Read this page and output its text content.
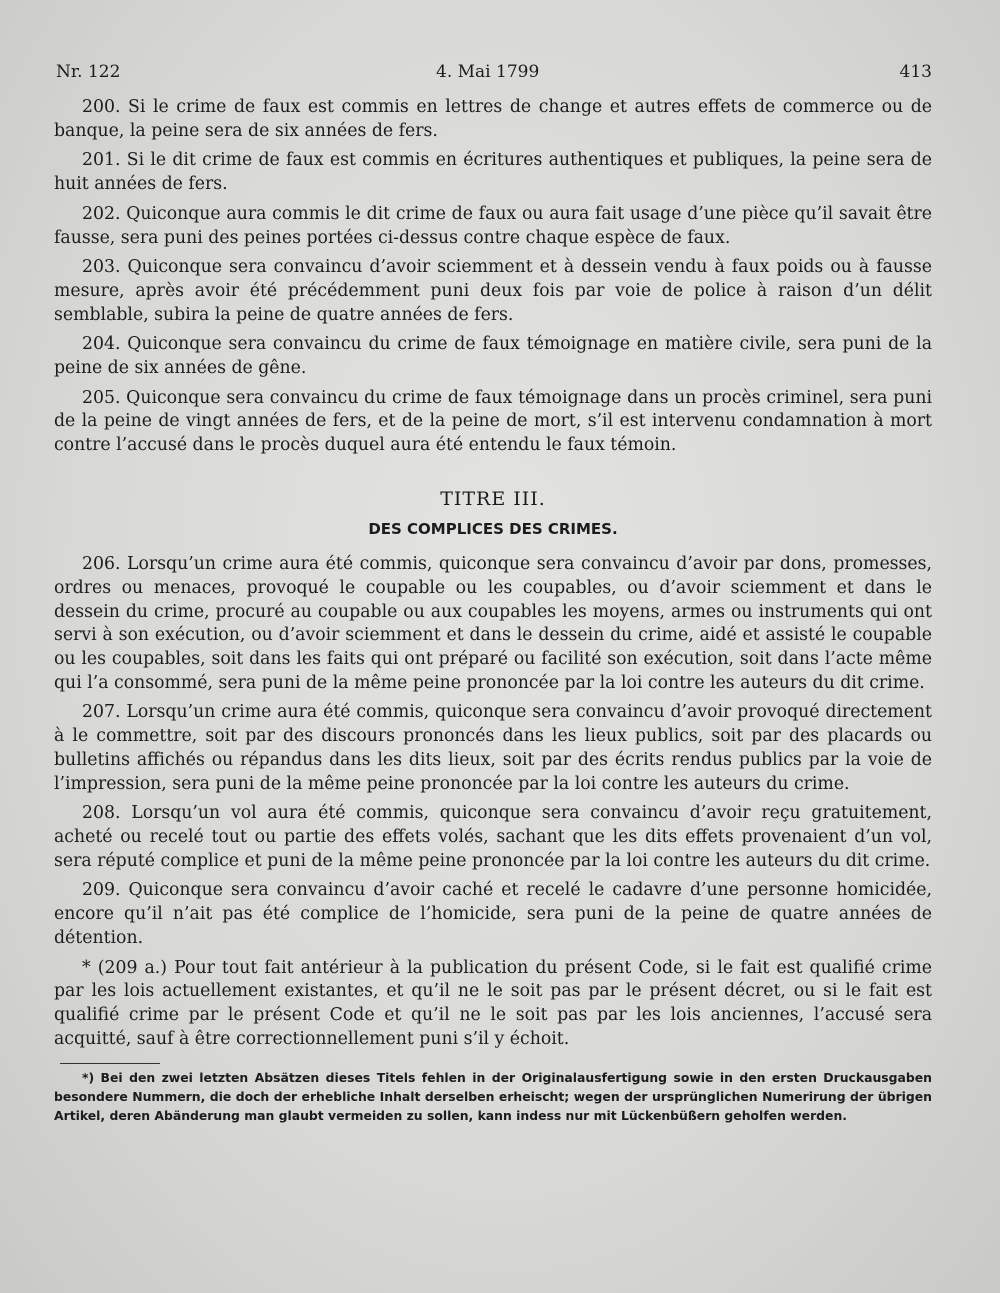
Nr. 122	4. Mai 1799	413

200. Si le crime de faux est commis en lettres de change et autres effets de commerce ou de banque, la peine sera de six années de fers.

201. Si le dit crime de faux est commis en écritures authentiques et publiques, la peine sera de huit années de fers.

202. Quiconque aura commis le dit crime de faux ou aura fait usage d’une pièce qu’il savait être fausse, sera puni des peines portées ci-dessus contre chaque espèce de faux.

203. Quiconque sera convaincu d’avoir sciemment et à dessein vendu à faux poids ou à fausse mesure, après avoir été précédemment puni deux fois par voie de police à raison d’un délit semblable, subira la peine de quatre années de fers.

204. Quiconque sera convaincu du crime de faux témoignage en matière civile, sera puni de la peine de six années de gêne.

205. Quiconque sera convaincu du crime de faux témoignage dans un procès criminel, sera puni de la peine de vingt années de fers, et de la peine de mort, s’il est intervenu condamnation à mort contre l’accusé dans le procès duquel aura été entendu le faux témoin.

TITRE III.

DES COMPLICES DES CRIMES.

206. Lorsqu’un crime aura été commis, quiconque sera convaincu d’avoir par dons, promesses, ordres ou menaces, provoqué le coupable ou les coupables, ou d’avoir sciemment et dans le dessein du crime, procuré au coupable ou aux coupables les moyens, armes ou instruments qui ont servi à son exécution, ou d’avoir sciemment et dans le dessein du crime, aidé et assisté le coupable ou les coupables, soit dans les faits qui ont préparé ou facilité son exécution, soit dans l’acte même qui l’a consommé, sera puni de la même peine prononcée par la loi contre les auteurs du dit crime.

207. Lorsqu’un crime aura été commis, quiconque sera convaincu d’avoir provoqué directement à le commettre, soit par des discours prononcés dans les lieux publics, soit par des placards ou bulletins affichés ou répandus dans les dits lieux, soit par des écrits rendus publics par la voie de l’impression, sera puni de la même peine prononcée par la loi contre les auteurs du crime.

208. Lorsqu’un vol aura été commis, quiconque sera convaincu d’avoir reçu gratuitement, acheté ou recelé tout ou partie des effets volés, sachant que les dits effets provenaient d’un vol, sera réputé complice et puni de la même peine prononcée par la loi contre les auteurs du dit crime.

209. Quiconque sera convaincu d’avoir caché et recelé le cadavre d’une personne homicidée, encore qu’il n’ait pas été complice de l’homicide, sera puni de la peine de quatre années de détention.

* (209 a.) Pour tout fait antérieur à la publication du présent Code, si le fait est qualifié crime par les lois actuellement existantes, et qu’il ne le soit pas par le présent décret, ou si le fait est qualifié crime par le présent Code et qu’il ne le soit pas par les lois anciennes, l’accusé sera acquitté, sauf à être correctionnellement puni s’il y échoit.

*) Bei den zwei letzten Absätzen dieses Titels fehlen in der Originalausfertigung sowie in den ersten Druckausgaben besondere Nummern, die doch der erhebliche Inhalt derselben erheischt; wegen der ursprünglichen Numerirung der übrigen Artikel, deren Abänderung man glaubt vermeiden zu sollen, kann indess nur mit Lückenbüßern geholfen werden.
